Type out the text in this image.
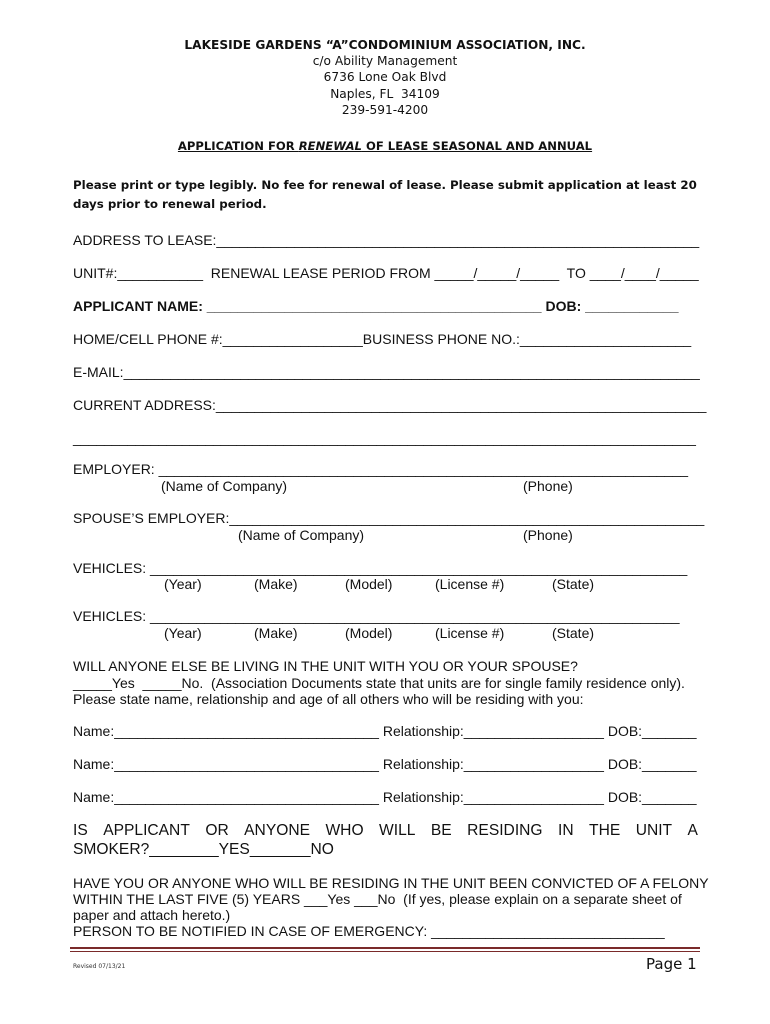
LAKESIDE GARDENS “A”CONDOMINIUM ASSOCIATION, INC.
c/o Ability Management
6736 Lone Oak Blvd
Naples, FL  34109
239-591-4200
APPLICATION FOR RENEWAL OF LEASE SEASONAL AND ANNUAL
Please print or type legibly. No fee for renewal of lease. Please submit application at least 20 days prior to renewal period.
ADDRESS TO LEASE:______________________________________________________________
UNIT#:___________  RENEWAL LEASE PERIOD FROM _____/_____/_____  TO ____/____/_____
APPLICANT NAME: ___________________________________________ DOB: ____________
HOME/CELL PHONE #:__________________BUSINESS PHONE NO.:______________________
E-MAIL:__________________________________________________________________________
CURRENT ADDRESS:_______________________________________________________________
________________________________________________________________________________
EMPLOYER: ____________________________________________________________________
(Name of Company)	(Phone)
SPOUSE’S EMPLOYER:_____________________________________________________________
(Name of Company)	(Phone)
VEHICLES: _____________________________________________________________________
(Year)	(Make)	(Model)	(License #)	(State)
VEHICLES: ____________________________________________________________________
(Year)	(Make)	(Model)	(License #)	(State)
WILL ANYONE ELSE BE LIVING IN THE UNIT WITH YOU OR YOUR SPOUSE?
_____Yes  _____No.  (Association Documents state that units are for single family residence only).
Please state name, relationship and age of all others who will be residing with you:
Name:__________________________________ Relationship:__________________ DOB:_______
Name:__________________________________ Relationship:__________________ DOB:_______
Name:__________________________________ Relationship:__________________ DOB:_______
IS APPLICANT OR ANYONE WHO WILL BE RESIDING IN THE UNIT A
SMOKER?________YES_______NO
HAVE YOU OR ANYONE WHO WILL BE RESIDING IN THE UNIT BEEN CONVICTED OF A FELONY
WITHIN THE LAST FIVE (5) YEARS ___Yes ___No  (If yes, please explain on a separate sheet of
paper and attach hereto.)
PERSON TO BE NOTIFIED IN CASE OF EMERGENCY: ______________________________
Revised 07/13/21	Page 1
